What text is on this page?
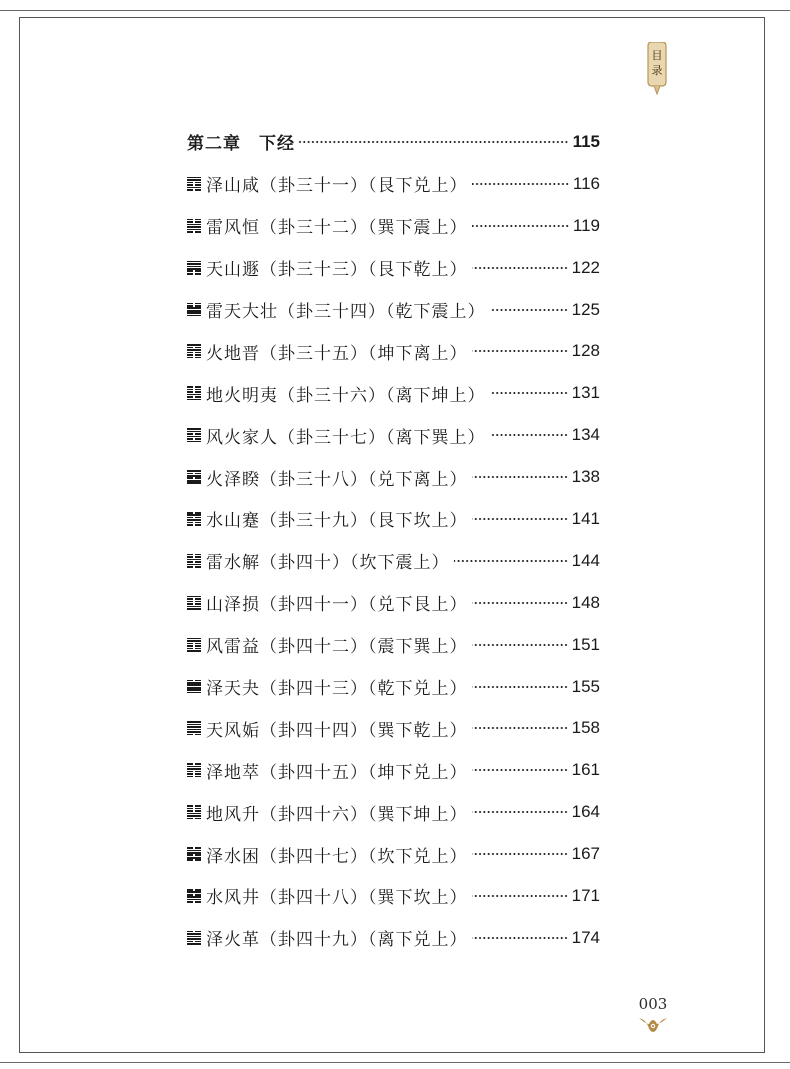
目
录
第二章 下经	115
泽山咸（卦三十一）（艮下兑上）	116
雷风恒（卦三十二）（巽下震上）	119
天山遯（卦三十三）（艮下乾上）	122
雷天大壮（卦三十四）（乾下震上）	125
火地晋（卦三十五）（坤下离上）	128
地火明夷（卦三十六）（离下坤上）	131
风火家人（卦三十七）（离下巽上）	134
火泽睽（卦三十八）（兑下离上）	138
水山蹇（卦三十九）（艮下坎上）	141
雷水解（卦四十）（坎下震上）	144
山泽损（卦四十一）（兑下艮上）	148
风雷益（卦四十二）（震下巽上）	151
泽天夬（卦四十三）（乾下兑上）	155
天风姤（卦四十四）（巽下乾上）	158
泽地萃（卦四十五）（坤下兑上）	161
地风升（卦四十六）（巽下坤上）	164
泽水困（卦四十七）（坎下兑上）	167
水风井（卦四十八）（巽下坎上）	171
泽火革（卦四十九）（离下兑上）	174
003
